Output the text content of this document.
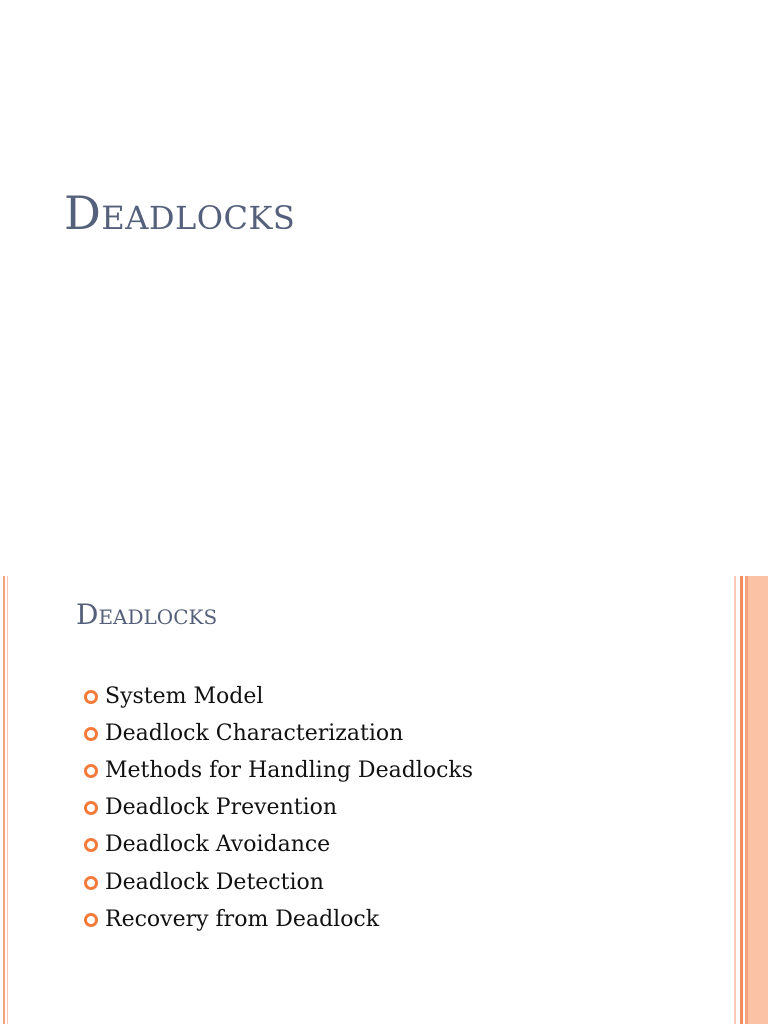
Deadlocks
Deadlocks
System Model
Deadlock Characterization
Methods for Handling Deadlocks
Deadlock Prevention
Deadlock Avoidance
Deadlock Detection
Recovery from Deadlock
